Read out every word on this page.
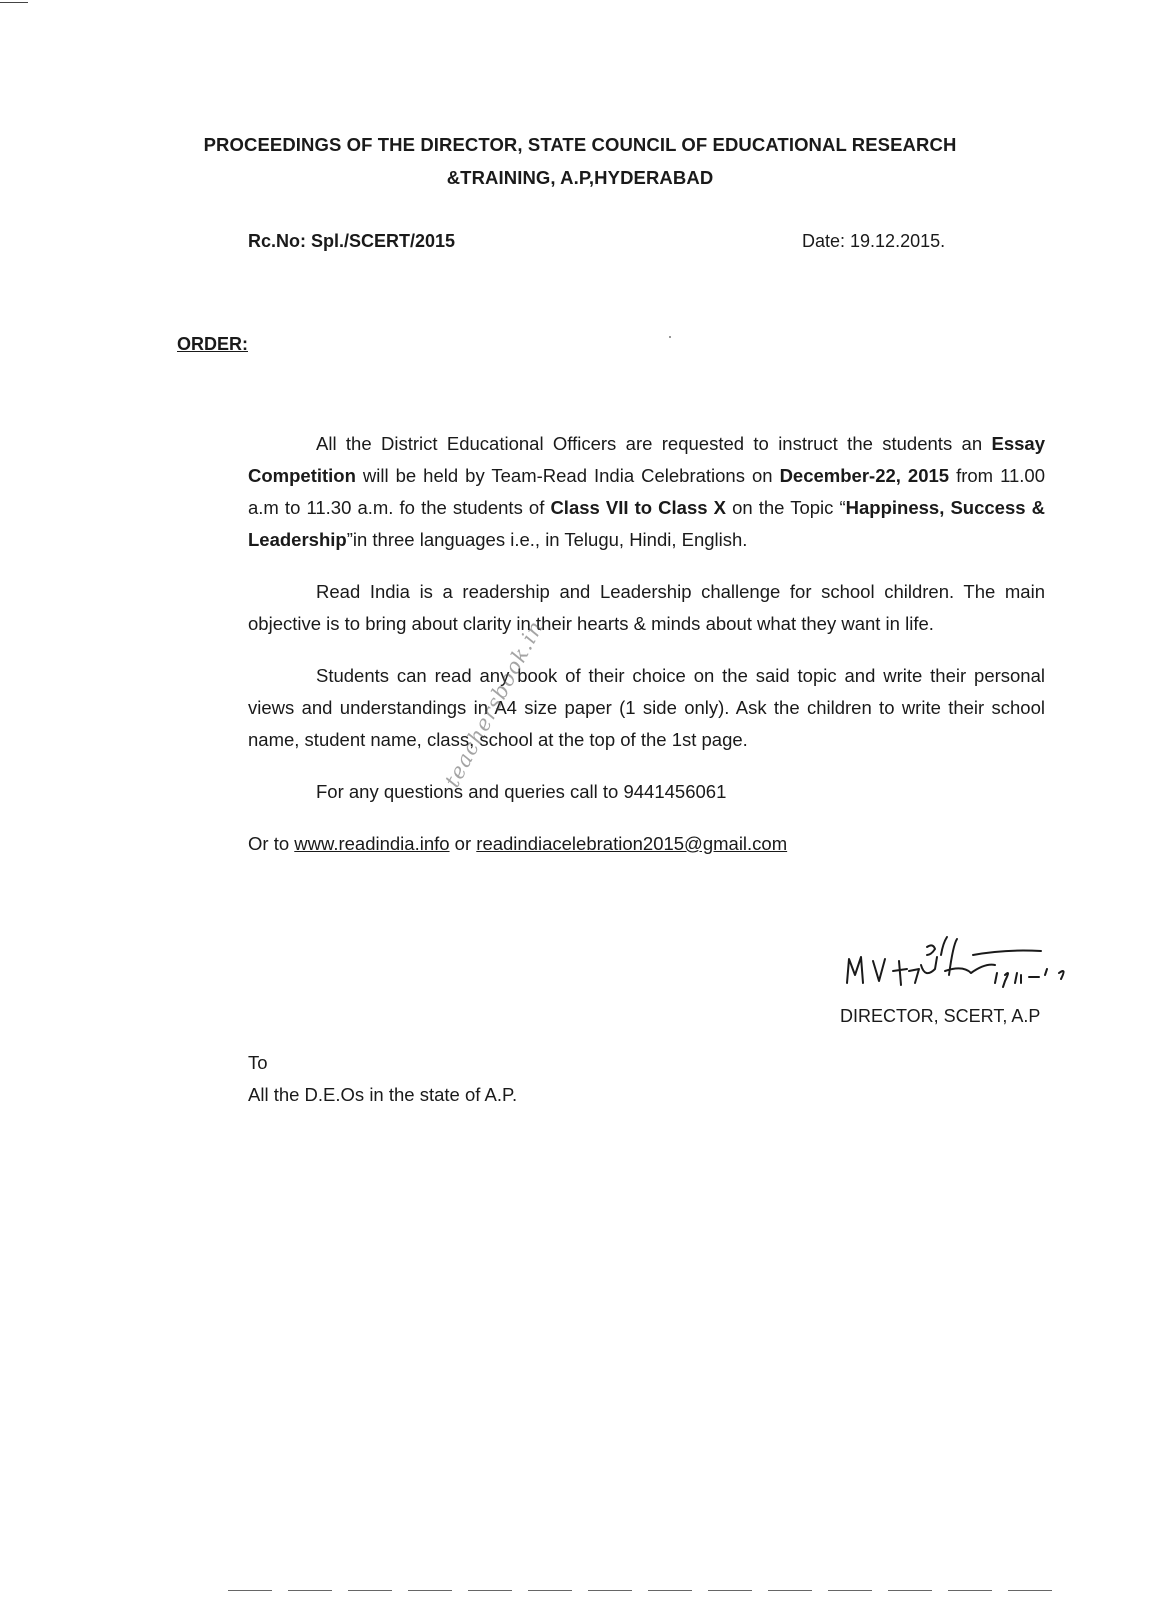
PROCEEDINGS OF THE DIRECTOR, STATE COUNCIL OF EDUCATIONAL RESEARCH
&TRAINING, A.P,HYDERABAD
Rc.No: Spl./SCERT/2015	Date: 19.12.2015.
ORDER:

All the District Educational Officers are requested to instruct the students an Essay Competition will be held by Team-Read India Celebrations on December-22, 2015 from 11.00 a.m to 11.30 a.m. fo the students of Class VII to Class X on the Topic “Happiness, Success & Leadership”in three languages i.e., in Telugu, Hindi, English.

Read India is a readership and Leadership challenge for school children. The main objective is to bring about clarity in their hearts & minds about what they want in life.

Students can read any book of their choice on the said topic and write their personal views and understandings in A4 size paper (1 side only). Ask the children to write their school name, student name, class, school at the top of the 1st page.

For any questions and queries call to 9441456061

Or to www.readindia.info or readindiacelebration2015@gmail.com

teachersbook.in
DIRECTOR, SCERT, A.P
To
All the D.E.Os in the state of A.P.
